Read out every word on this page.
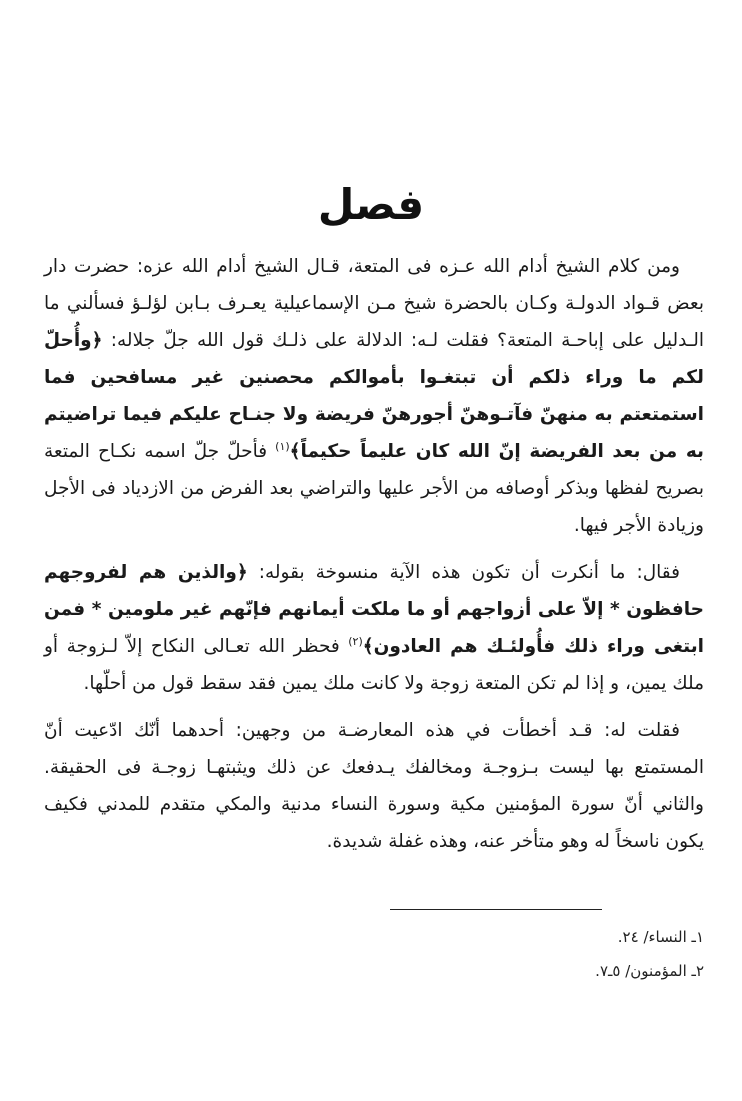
فصل

ومن كلام الشيخ أدام الله عـزه فى المتعة، قـال الشيخ أدام الله عزه: حضرت دار بعض قـواد الدولـة وكـان بالحضرة شيخ مـن الإسماعيلية يعـرف بـابن لؤلـؤ فسألني ما الـدليل على إباحـة المتعة؟ فقلت لـه: الدلالة على ذلـك قول الله جلّ جلاله: ﴿وأُحلّ لكم ما وراء ذلكم أن تبتغـوا بأموالكم محصنين غير مسافحين فما استمتعتم به منهنّ فآتـوهنّ أجورهنّ فريضة ولا جنـاح عليكم فيما تراضيتم به من بعد الفريضة إنّ الله كان عليماً حكيماً﴾$^{(١)}$ فأحلّ جلّ اسمه نكـاح المتعة بصريح لفظها وبذكر أوصافه من الأجر عليها والتراضي بعد الفرض من الازدياد فى الأجل وزيادة الأجر فيها.

فقال: ما أنكرت أن تكون هذه الآية منسوخة بقوله: ﴿والذين هم لفروجهم حافظون * إلاّ على أزواجهم أو ما ملكت أيمانهم فإنّهم غير ملومين * فمن ابتغى وراء ذلك فأُولئـك هم العادون﴾$^{(٢)}$ فحظر الله تعـالى النكاح إلاّ لـزوجة أو ملك يمين، و إذا لم تكن المتعة زوجة ولا كانت ملك يمين فقد سقط قول من أحلّها.

فقلت له: قـد أخطأت في هذه المعارضـة من وجهين: أحدهما أنّك ادّعيت أنّ المستمتع بها ليست بـزوجـة ومخالفك يـدفعك عن ذلك ويثبتهـا زوجـة فى الحقيقة. والثاني أنّ سورة المؤمنين مكية وسورة النساء مدنية والمكي متقدم للمدني فكيف يكون ناسخاً له وهو متأخر عنه، وهذه غفلة شديدة.

١ـ النساء/ ٢٤.
٢ـ المؤمنون/ ٥ـ٧.
